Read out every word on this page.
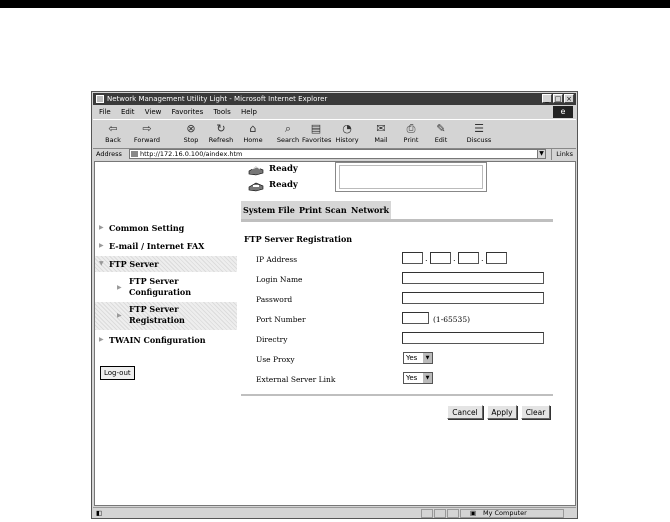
Network Management Utility Light - Microsoft Internet Explorer	_ □ ×
File Edit View Favorites Tools Help	e
⇦
Back
⇨
Forward
⊗
Stop
↻
Refresh
⌂
Home
⌕
Search
▤
Favorites
◔
History
✉
Mail
⎙
Print
✎
Edit
☰
Discuss
Address	http://172.16.0.100/aindex.htm	▼	Links
Ready
Ready
System File Print Scan Network
▶ Common Setting
▶ E-mail / Internet FAX
▼ FTP Server
▶
FTP Server
Configuration
▶
FTP Server
Registration
▶ TWAIN Configuration
Log-out
FTP Server Registration
IP Address	.	.	.
Login Name
Password
Port Number	(1-65535)
Directry
Use Proxy	Yes	▼
External Server Link	Yes	▼
Cancel	Apply	Clear
◧	▣ My Computer
